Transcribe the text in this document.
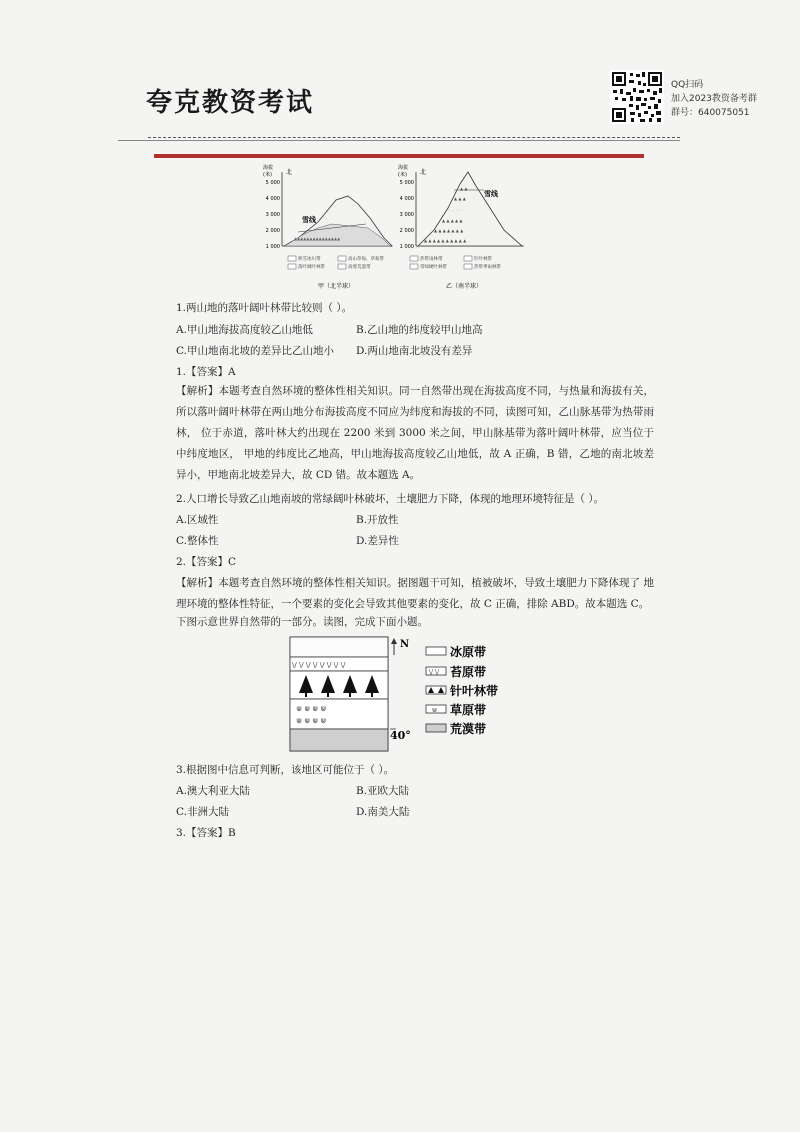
夸克教资考试
QQ扫码
加入2023教资备考群
群号：640075051
海拔
(米)
5 000
4 000
3 000
2 000
1 000
北
· · · ·
· · ·
· · · · ·
▲▲▲▲▲▲▲▲▲▲▲▲▲▲▲
雪线
海拔
(米)
5 000
4 000
3 000
2 000
1 000
北
▲ ▲
▲ ▲ ▲
· · · · · ·
▲ ▲ ▲ ▲ ▲
▲ ▲ ▲ ▲ ▲ ▲ ▲
▲ ▲ ▲ ▲ ▲ ▲ ▲ ▲ ▲ ▲
雪线
积雪冰川带	高山草甸、草甸带
落叶阔叶林带	高寒荒漠带
热带雨林带	针叶林带
常绿硬叶林带	热带季雨林带
甲（北半球）	乙（南半球）
1.两山地的落叶阔叶林带比较则（ ）。
A.甲山地海拔高度较乙山地低	B.乙山地的纬度较甲山地高
C.甲山地南北坡的差异比乙山地小 D.两山地南北坡没有差异
1.【答案】A
【解析】本题考查自然环境的整体性相关知识。同一自然带出现在海拔高度不同，与热量和海拔有关， 所以落叶阔叶林带在两山地分布海拔高度不同应为纬度和海拔的不同，读图可知，乙山脉基带为热带雨林， 位于赤道，落叶林大约出现在 2200 米到 3000 米之间，甲山脉基带为落叶阔叶林带，应当位于中纬度地区， 甲地的纬度比乙地高，甲山地海拔高度较乙山地低，故 A 正确，B 错，乙地的南北坡差异小，甲地南北坡差异大，故 CD 错。故本题选 A。
2.人口增长导致乙山地南坡的常绿阔叶林破坏，土壤肥力下降，体现的地理环境特征是（ ）。
A.区域性	B.开放性
C.整体性	D.差异性
2.【答案】C
【解析】本题考查自然环境的整体性相关知识。据图题干可知，植被破坏，导致土壤肥力下降体现了 地理环境的整体性特征，一个要素的变化会导致其他要素的变化，故 C 正确，排除 ABD。故本题选 C。
下图示意世界自然带的一部分。读图，完成下面小题。
\/ \/ \/ \/ \/ \/ \/ \/
⋓ ⋓ ⋓ ⋓
⋓ ⋓ ⋓ ⋓
40°
N
冰原带
\/ \/ 苔原带
针叶林带
⋓ 草原带
荒漠带
3.根据图中信息可判断，该地区可能位于（ ）。
A.澳大利亚大陆	B.亚欧大陆
C.非洲大陆	D.南美大陆
3.【答案】B
